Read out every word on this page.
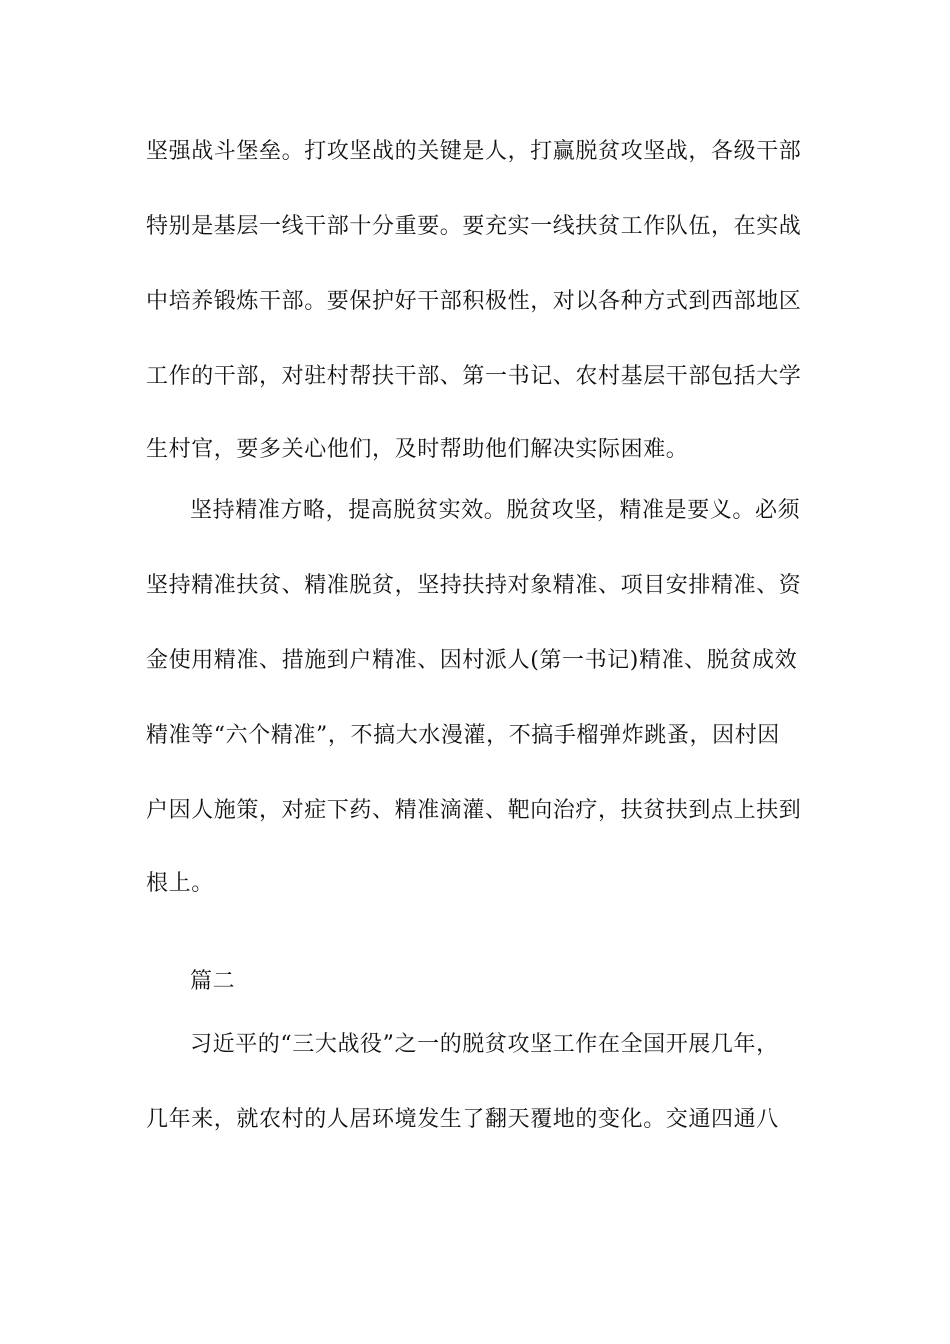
坚强战斗堡垒。打攻坚战的关键是人，打赢脱贫攻坚战，各级干部
特别是基层一线干部十分重要。要充实一线扶贫工作队伍，在实战
中培养锻炼干部。要保护好干部积极性，对以各种方式到西部地区
工作的干部，对驻村帮扶干部、第一书记、农村基层干部包括大学
生村官，要多关心他们，及时帮助他们解决实际困难。
坚持精准方略，提高脱贫实效。脱贫攻坚，精准是要义。必须
坚持精准扶贫、精准脱贫，坚持扶持对象精准、项目安排精准、资
金使用精准、措施到户精准、因村派人(第一书记)精准、脱贫成效
精准等“六个精准”，不搞大水漫灌，不搞手榴弹炸跳蚤，因村因
户因人施策，对症下药、精准滴灌、靶向治疗，扶贫扶到点上扶到
根上。
篇二
习近平的“三大战役”之一的脱贫攻坚工作在全国开展几年，
几年来，就农村的人居环境发生了翻天覆地的变化。交通四通八
